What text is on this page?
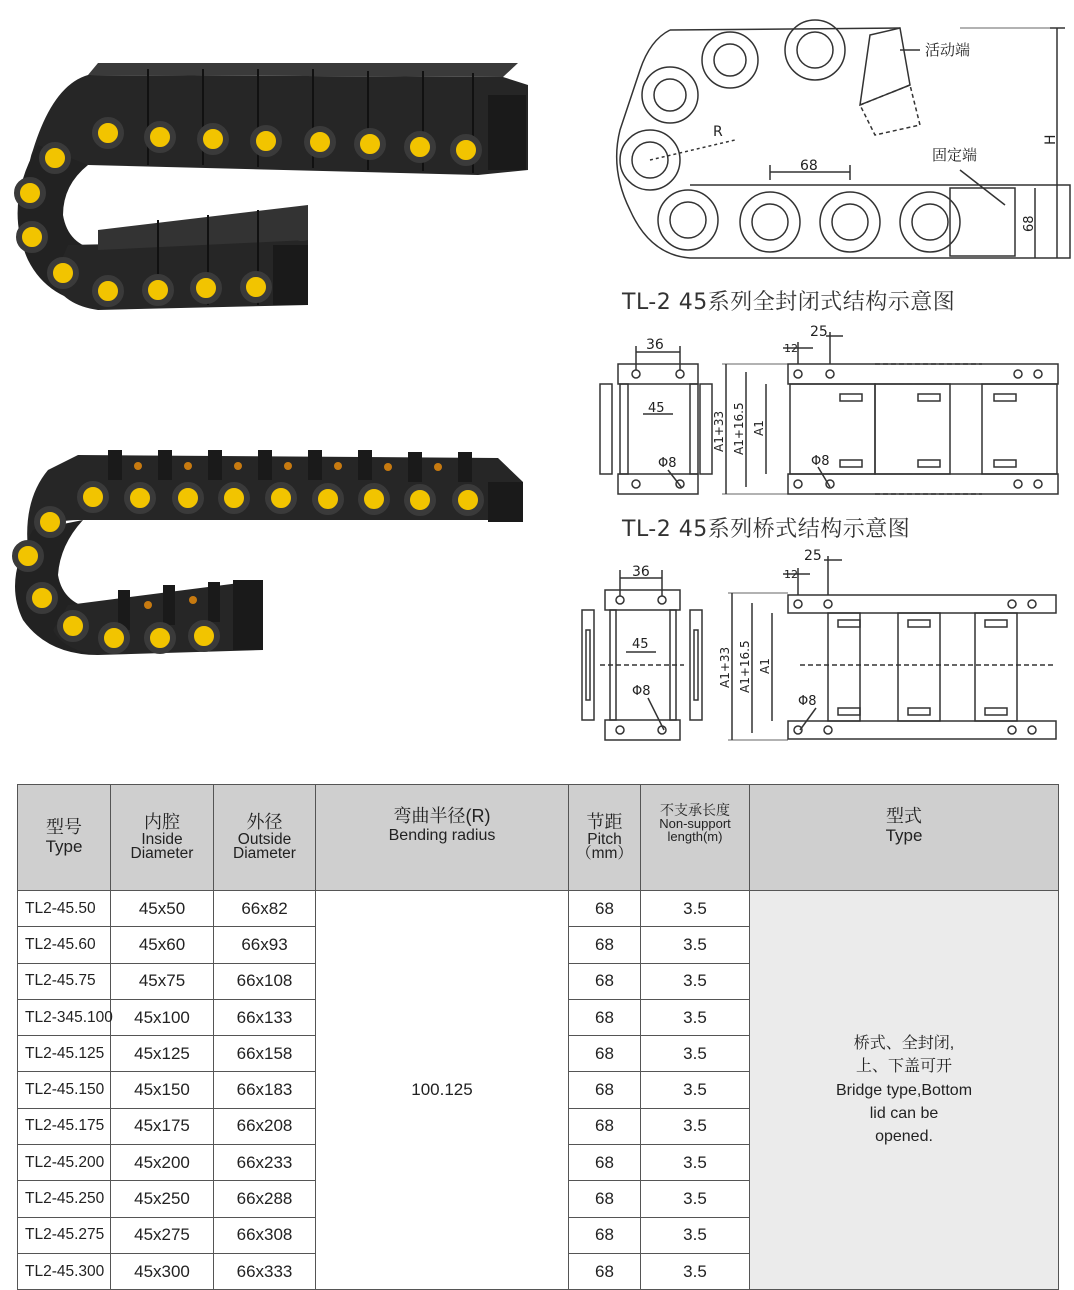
活动端
固定端
R	H
68
68
TL-2 45系列全封闭式结构示意图
36
45
Φ8
25
12
A1+33 A1+16.5 A1
Φ8
TL-2 45系列桥式结构示意图
36
45
Φ8
25
12
A1+33 A1+16.5 A1
Φ8
型号
Type	内腔
Inside
Diameter	外径
Outside
Diameter	弯曲半径(R)
Bending radius	节距
Pitch
（mm）	不支承长度
Non-support
length(m)	型式
Type

TL2-45.50	45x50	66x82	100.125	68	3.5	桥式、全封闭,
上、下盖可开
Bridge type,Bottom
lid can be
opened.

TL2-45.60	45x60	66x93		68	3.5	
TL2-45.75	45x75	66x108		68	3.5	
TL2-345.100	45x100	66x133		68	3.5	
TL2-45.125	45x125	66x158		68	3.5	
TL2-45.150	45x150	66x183		68	3.5	
TL2-45.175	45x175	66x208		68	3.5	
TL2-45.200	45x200	66x233		68	3.5	
TL2-45.250	45x250	66x288		68	3.5	
TL2-45.275	45x275	66x308		68	3.5	
TL2-45.300	45x300	66x333		68	3.5	
